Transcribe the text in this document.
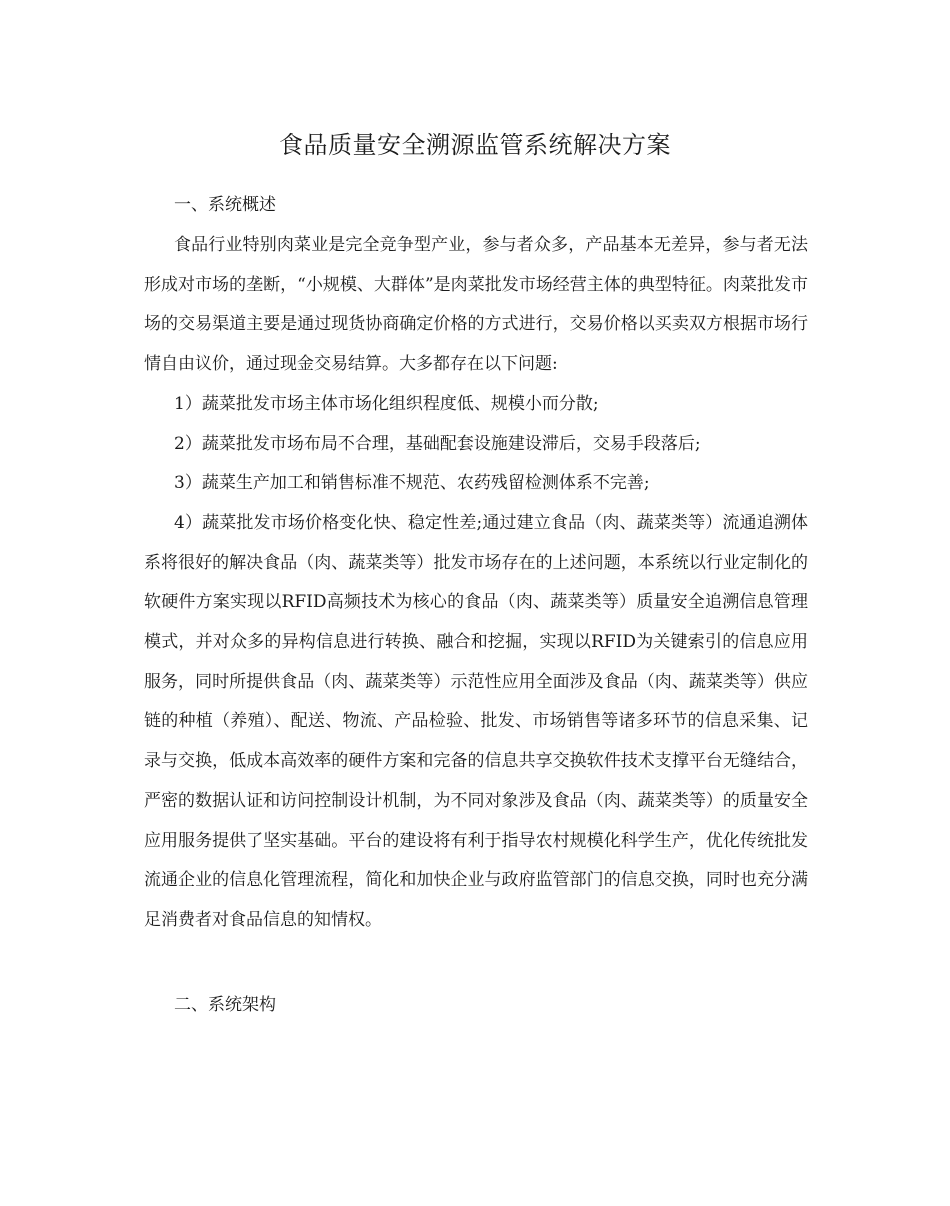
食品质量安全溯源监管系统解决方案
一、系统概述

食品行业特别肉菜业是完全竞争型产业，参与者众多，产品基本无差异，参与者无法形成对市场的垄断，“小规模、大群体”是肉菜批发市场经营主体的典型特征。肉菜批发市场的交易渠道主要是通过现货协商确定价格的方式进行，交易价格以买卖双方根据市场行情自由议价，通过现金交易结算。大多都存在以下问题:

1）蔬菜批发市场主体市场化组织程度低、规模小而分散;

2）蔬菜批发市场布局不合理，基础配套设施建设滞后，交易手段落后;

3）蔬菜生产加工和销售标准不规范、农药残留检测体系不完善;

4）蔬菜批发市场价格变化快、稳定性差;通过建立食品（肉、蔬菜类等）流通追溯体系将很好的解决食品（肉、蔬菜类等）批发市场存在的上述问题，本系统以行业定制化的软硬件方案实现以RFID高频技术为核心的食品（肉、蔬菜类等）质量安全追溯信息管理模式，并对众多的异构信息进行转换、融合和挖掘，实现以RFID为关键索引的信息应用服务，同时所提供食品（肉、蔬菜类等）示范性应用全面涉及食品（肉、蔬菜类等）供应链的种植（养殖）、配送、物流、产品检验、批发、市场销售等诸多环节的信息采集、记录与交换，低成本高效率的硬件方案和完备的信息共享交换软件技术支撑平台无缝结合，严密的数据认证和访问控制设计机制，为不同对象涉及食品（肉、蔬菜类等）的质量安全应用服务提供了坚实基础。平台的建设将有利于指导农村规模化科学生产，优化传统批发流通企业的信息化管理流程，简化和加快企业与政府监管部门的信息交换，同时也充分满足消费者对食品信息的知情权。

二、系统架构
